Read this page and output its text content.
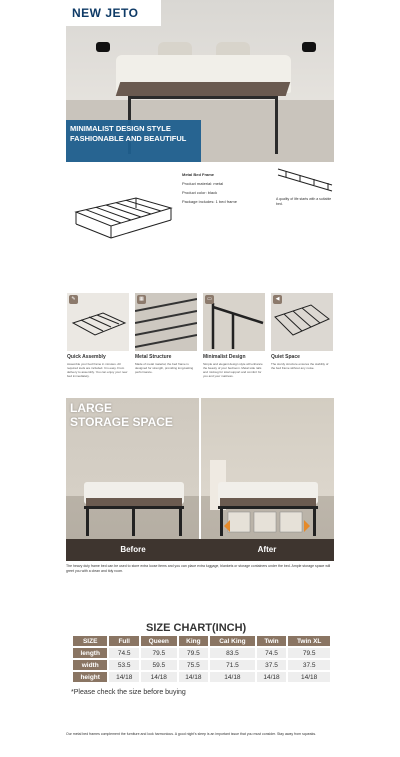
NEW JETO
MINIMALIST DESIGN STYLE
FASHIONABLE AND BEAUTIFUL
Metal Bed Frame
Product material: metal
Product color: black
Package includes: 1 bed frame	A quality of life starts with a suitable bed.
✎	▦	▭	◀
Quick Assembly
Assemble your bed frame in minutes. All required tools are included. It is easy. From delivery to assembly. You can enjoy your new bed immediately.
Metal Structure
Made of metal material, the bed frame is designed for strength, providing long-lasting performance.
Minimalist Design
Simple and elegant design style will enhance the beauty of your bedroom. Metal side rails and mid-leg for total support and comfort for you and your mattress.
Quiet Space
The sturdy structure ensures the stability of the bed frame without any noise.
LARGE
STORAGE SPACE
Before	After
The heavy duty frame bed can be used to store extra loose items and you can place extra luggage, blankets or storage containers under the bed. Ample storage space will greet you with a clean and tidy room.
SIZE CHART(INCH)
SIZE	Full	Queen	King	Cal King	Twin	Twin XL
length	74.5	79.5	79.5	83.5	74.5	79.5
width	53.5	59.5	75.5	71.5	37.5	37.5
height	14/18	14/18	14/18	14/18	14/18	14/18
*Please check the size before buying
Our metal bed frames complement the furniture and look harmonious. A good night's sleep is an important issue that you must consider. Stay away from squeaks.
